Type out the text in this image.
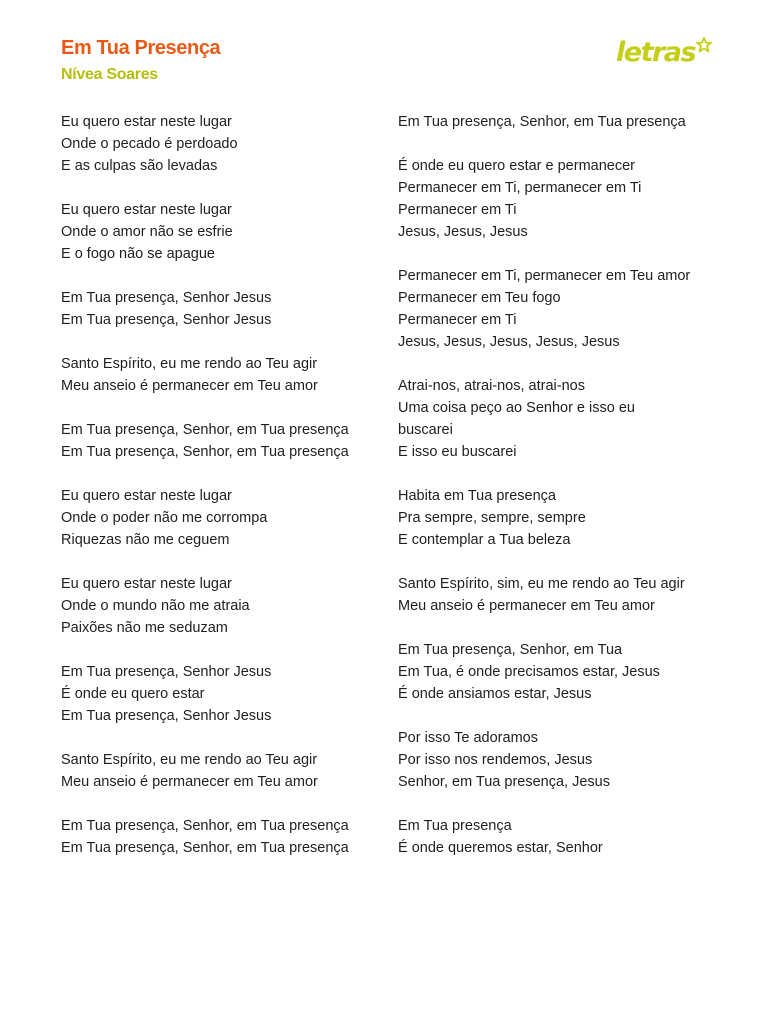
Em Tua Presença
Nívea Soares
letras
Eu quero estar neste lugar
Onde o pecado é perdoado
E as culpas são levadas
Eu quero estar neste lugar
Onde o amor não se esfrie
E o fogo não se apague
Em Tua presença, Senhor Jesus
Em Tua presença, Senhor Jesus
Santo Espírito, eu me rendo ao Teu agir
Meu anseio é permanecer em Teu amor
Em Tua presença, Senhor, em Tua presença
Em Tua presença, Senhor, em Tua presença
Eu quero estar neste lugar
Onde o poder não me corrompa
Riquezas não me ceguem
Eu quero estar neste lugar
Onde o mundo não me atraia
Paixões não me seduzam
Em Tua presença, Senhor Jesus
É onde eu quero estar
Em Tua presença, Senhor Jesus
Santo Espírito, eu me rendo ao Teu agir
Meu anseio é permanecer em Teu amor
Em Tua presença, Senhor, em Tua presença
Em Tua presença, Senhor, em Tua presença
Em Tua presença, Senhor, em Tua presença
É onde eu quero estar e permanecer
Permanecer em Ti, permanecer em Ti
Permanecer em Ti
Jesus, Jesus, Jesus
Permanecer em Ti, permanecer em Teu amor
Permanecer em Teu fogo
Permanecer em Ti
Jesus, Jesus, Jesus, Jesus, Jesus
Atrai-nos, atrai-nos, atrai-nos
Uma coisa peço ao Senhor e isso eu
buscarei
E isso eu buscarei
Habita em Tua presença
Pra sempre, sempre, sempre
E contemplar a Tua beleza
Santo Espírito, sim, eu me rendo ao Teu agir
Meu anseio é permanecer em Teu amor
Em Tua presença, Senhor, em Tua
Em Tua, é onde precisamos estar, Jesus
É onde ansiamos estar, Jesus
Por isso Te adoramos
Por isso nos rendemos, Jesus
Senhor, em Tua presença, Jesus
Em Tua presença
É onde queremos estar, Senhor
